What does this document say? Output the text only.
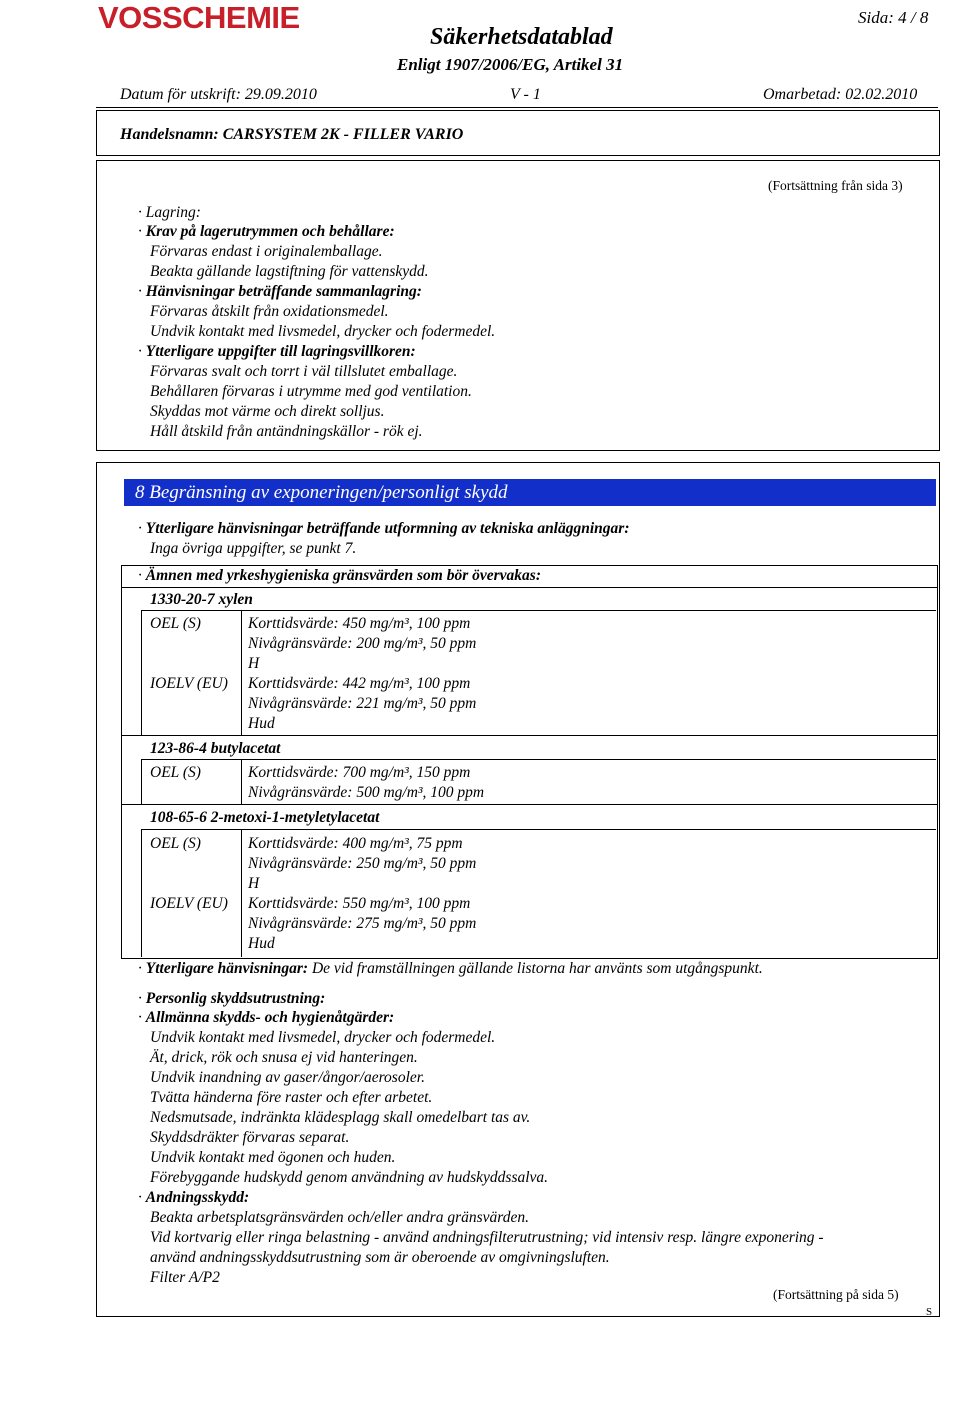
VOSSCHEMIE
Säkerhetsdatablad
Enligt 1907/2006/EG, Artikel 31
Sida: 4 / 8
Datum för utskrift: 29.09.2010	V - 1	Omarbetad: 02.02.2010
Handelsnamn: CARSYSTEM 2K - FILLER VARIO
(Fortsättning från sida 3)
· Lagring:
· Krav på lagerutrymmen och behållare:
Förvaras endast i originalemballage.
Beakta gällande lagstiftning för vattenskydd.
· Hänvisningar beträffande sammanlagring:
Förvaras åtskilt från oxidationsmedel.
Undvik kontakt med livsmedel, drycker och fodermedel.
· Ytterligare uppgifter till lagringsvillkoren:
Förvaras svalt och torrt i väl tillslutet emballage.
Behållaren förvaras i utrymme med god ventilation.
Skyddas mot värme och direkt solljus.
Håll åtskild från antändningskällor - rök ej.
8 Begränsning av exponeringen/personligt skydd
· Ytterligare hänvisningar beträffande utformning av tekniska anläggningar:
Inga övriga uppgifter, se punkt 7.
· Ämnen med yrkeshygieniska gränsvärden som bör övervakas:
1330-20-7 xylen
OEL (S)	Korttidsvärde: 450 mg/m³, 100 ppm
Nivågränsvärde: 200 mg/m³, 50 ppm
H
IOELV (EU) Korttidsvärde: 442 mg/m³, 100 ppm
Nivågränsvärde: 221 mg/m³, 50 ppm
Hud
123-86-4 butylacetat
OEL (S)	Korttidsvärde: 700 mg/m³, 150 ppm
Nivågränsvärde: 500 mg/m³, 100 ppm
108-65-6 2-metoxi-1-metyletylacetat
OEL (S)	Korttidsvärde: 400 mg/m³, 75 ppm
Nivågränsvärde: 250 mg/m³, 50 ppm
H
IOELV (EU) Korttidsvärde: 550 mg/m³, 100 ppm
Nivågränsvärde: 275 mg/m³, 50 ppm
Hud
· Ytterligare hänvisningar: De vid framställningen gällande listorna har använts som utgångspunkt.
· Personlig skyddsutrustning:
· Allmänna skydds- och hygienåtgärder:
Undvik kontakt med livsmedel, drycker och fodermedel.
Ät, drick, rök och snusa ej vid hanteringen.
Undvik inandning av gaser/ångor/aerosoler.
Tvätta händerna före raster och efter arbetet.
Nedsmutsade, indränkta klädesplagg skall omedelbart tas av.
Skyddsdräkter förvaras separat.
Undvik kontakt med ögonen och huden.
Förebyggande hudskydd genom användning av hudskyddssalva.
· Andningsskydd:
Beakta arbetsplatsgränsvärden och/eller andra gränsvärden.
Vid kortvarig eller ringa belastning - använd andningsfilterutrustning; vid intensiv resp. längre exponering -
använd andningsskyddsutrustning som är oberoende av omgivningsluften.
Filter A/P2
(Fortsättning på sida 5)
S
